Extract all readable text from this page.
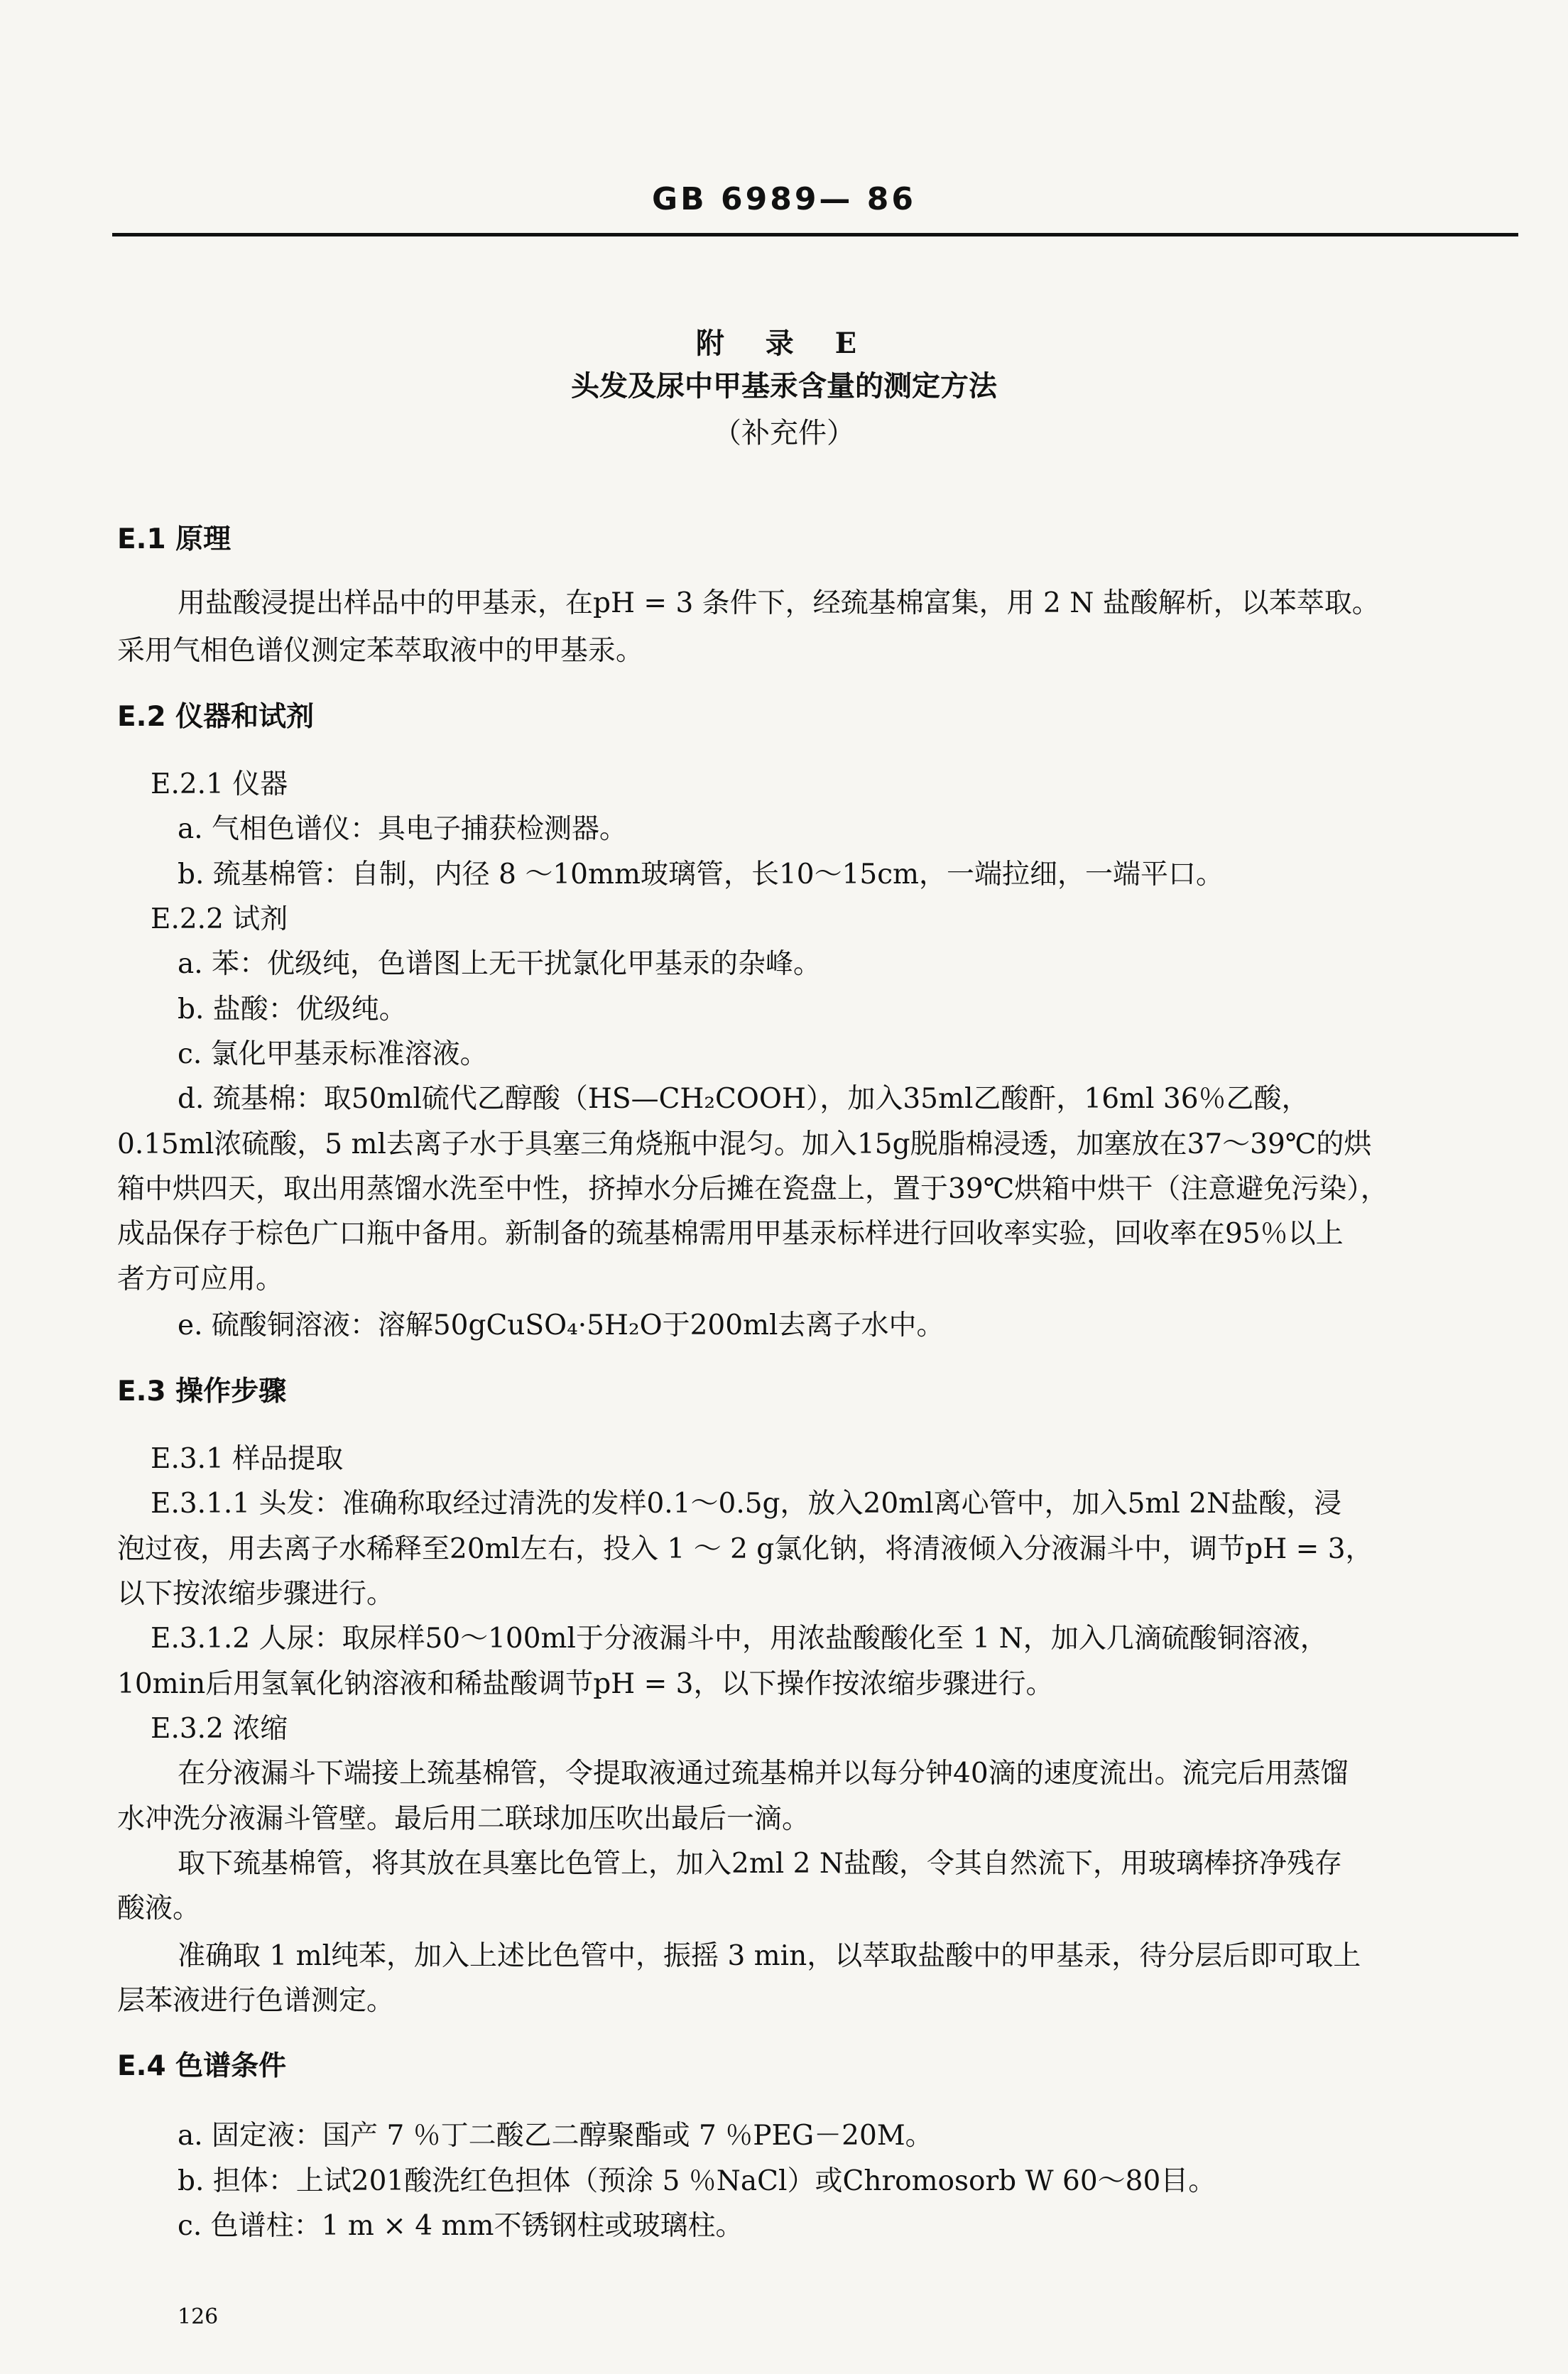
GB 6989— 86
附 录 E
头发及尿中甲基汞含量的测定方法
（补充件）
E.1 原理
用盐酸浸提出样品中的甲基汞，在pH = 3 条件下，经巯基棉富集，用 2 N 盐酸解析，以苯萃取。
采用气相色谱仪测定苯萃取液中的甲基汞。
E.2 仪器和试剂
E.2.1 仪器
a. 气相色谱仪：具电子捕获检测器。
b. 巯基棉管：自制，内径 8 ～10mm玻璃管，长10～15cm，一端拉细，一端平口。
E.2.2 试剂
a. 苯：优级纯，色谱图上无干扰氯化甲基汞的杂峰。
b. 盐酸：优级纯。
c. 氯化甲基汞标准溶液。
d. 巯基棉：取50ml硫代乙醇酸（HS—CH₂COOH），加入35ml乙酸酐，16ml 36％乙酸，
0.15ml浓硫酸，5 ml去离子水于具塞三角烧瓶中混匀。加入15g脱脂棉浸透，加塞放在37～39℃的烘
箱中烘四天，取出用蒸馏水洗至中性，挤掉水分后摊在瓷盘上，置于39℃烘箱中烘干（注意避免污染），
成品保存于棕色广口瓶中备用。新制备的巯基棉需用甲基汞标样进行回收率实验，回收率在95％以上
者方可应用。
e. 硫酸铜溶液：溶解50gCuSO₄·5H₂O于200ml去离子水中。
E.3 操作步骤
E.3.1 样品提取
E.3.1.1 头发：准确称取经过清洗的发样0.1～0.5g，放入20ml离心管中，加入5ml 2N盐酸，浸
泡过夜，用去离子水稀释至20ml左右，投入 1 ～ 2 g氯化钠，将清液倾入分液漏斗中，调节pH = 3，
以下按浓缩步骤进行。
E.3.1.2 人尿：取尿样50～100ml于分液漏斗中，用浓盐酸酸化至 1 N，加入几滴硫酸铜溶液，
10min后用氢氧化钠溶液和稀盐酸调节pH = 3，以下操作按浓缩步骤进行。
E.3.2 浓缩
在分液漏斗下端接上巯基棉管，令提取液通过巯基棉并以每分钟40滴的速度流出。流完后用蒸馏
水冲洗分液漏斗管壁。最后用二联球加压吹出最后一滴。
取下巯基棉管，将其放在具塞比色管上，加入2ml 2 N盐酸，令其自然流下，用玻璃棒挤净残存
酸液。
准确取 1 ml纯苯，加入上述比色管中，振摇 3 min，以萃取盐酸中的甲基汞，待分层后即可取上
层苯液进行色谱测定。
E.4 色谱条件
a. 固定液：国产 7 ％丁二酸乙二醇聚酯或 7 ％PEG－20M。
b. 担体：上试201酸洗红色担体（预涂 5 ％NaCl）或Chromosorb W 60～80目。
c. 色谱柱：1 m × 4 mm不锈钢柱或玻璃柱。
126
